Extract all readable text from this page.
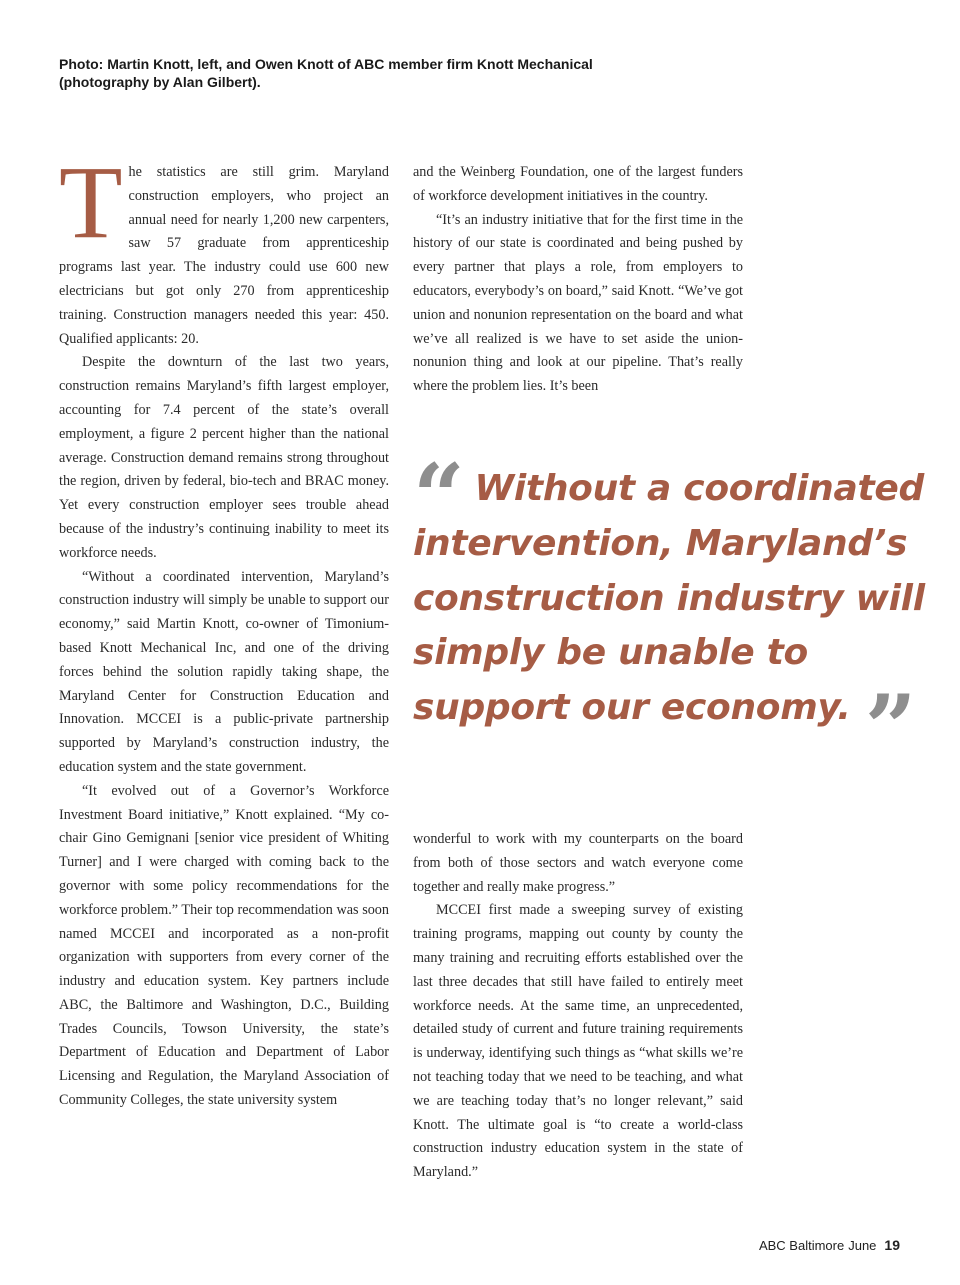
Photo: Martin Knott, left, and Owen Knott of ABC member firm Knott Mechanical
(photography by Alan Gilbert).

The statistics are still grim. Maryland construction employers, who project an annual need for nearly 1,200 new carpenters, saw 57 graduate from apprenticeship programs last year. The industry could use 600 new electricians but got only 270 from apprenticeship training. Construction managers needed this year: 450. Qualified applicants: 20.

Despite the downturn of the last two years, construction remains Maryland’s fifth largest employer, accounting for 7.4 percent of the state’s overall employment, a figure 2 percent higher than the national average. Construction demand remains strong throughout the region, driven by federal, bio-tech and BRAC money. Yet every construction employer sees trouble ahead because of the industry’s continuing inability to meet its workforce needs.

“Without a coordinated intervention, Maryland’s construction industry will simply be unable to support our economy,” said Martin Knott, co-owner of Timonium-based Knott Mechanical Inc, and one of the driving forces behind the solution rapidly taking shape, the Maryland Center for Construction Education and Innovation. MCCEI is a public-private partnership supported by Maryland’s construction industry, the education system and the state government.

“It evolved out of a Governor’s Workforce Investment Board initiative,” Knott explained. “My co-chair Gino Gemignani [senior vice president of Whiting Turner] and I were charged with coming back to the governor with some policy recommendations for the workforce problem.” Their top recommendation was soon named MCCEI and incorporated as a non-profit organization with supporters from every corner of the industry and education system. Key partners include ABC, the Baltimore and Washington, D.C., Building Trades Councils, Towson University, the state’s Department of Education and Department of Labor Licensing and Regulation, the Maryland Association of Community Colleges, the state university system

and the Weinberg Foundation, one of the largest funders of workforce development initiatives in the country.

“It’s an industry initiative that for the first time in the history of our state is coordinated and being pushed by every partner that plays a role, from employers to educators, everybody’s on board,” said Knott. “We’ve got union and nonunion representation on the board and what we’ve all realized is we have to set aside the union-nonunion thing and look at our pipeline. That’s really where the problem lies. It’s been

“ Without a coordinated intervention, Maryland’s construction industry will simply be unable to support our economy. ”

wonderful to work with my counterparts on the board from both of those sectors and watch everyone come together and really make progress.”

MCCEI first made a sweeping survey of existing training programs, mapping out county by county the many training and recruiting efforts established over the last three decades that still have failed to entirely meet workforce needs. At the same time, an unprecedented, detailed study of current and future training requirements is underway, identifying such things as “what skills we’re not teaching today that we need to be teaching, and what we are teaching today that’s no longer relevant,” said Knott. The ultimate goal is “to create a world-class construction industry education system in the state of Maryland.”

ABC Baltimore June 19
